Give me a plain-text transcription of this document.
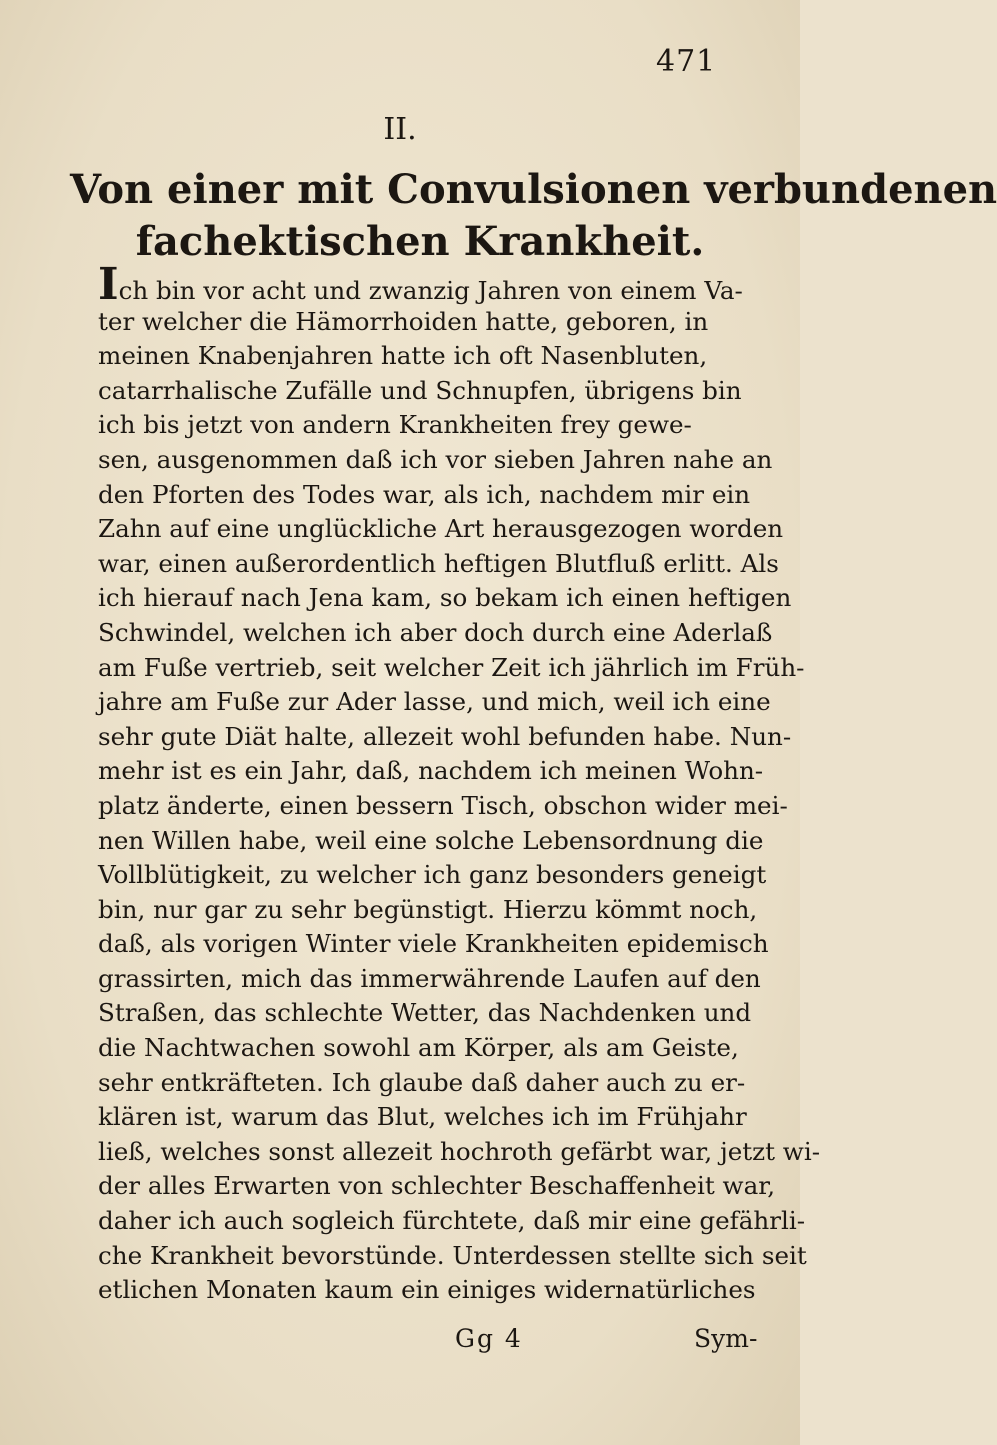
471
II.
Von einer mit Convulsionen verbundenen
fachektischen Krankheit.
Ich bin vor acht und zwanzig Jahren von einem Va-
ter welcher die Hämorrhoiden hatte, geboren, in
meinen Knabenjahren hatte ich oft Nasenbluten,
catarrhalische Zufälle und Schnupfen, übrigens bin
ich bis jetzt von andern Krankheiten frey gewe-
sen, ausgenommen daß ich vor sieben Jahren nahe an
den Pforten des Todes war, als ich, nachdem mir ein
Zahn auf eine unglückliche Art herausgezogen worden
war, einen außerordentlich heftigen Blutfluß erlitt. Als
ich hierauf nach Jena kam, so bekam ich einen heftigen
Schwindel, welchen ich aber doch durch eine Aderlaß
am Fuße vertrieb, seit welcher Zeit ich jährlich im Früh-
jahre am Fuße zur Ader lasse, und mich, weil ich eine
sehr gute Diät halte, allezeit wohl befunden habe. Nun-
mehr ist es ein Jahr, daß, nachdem ich meinen Wohn-
platz änderte, einen bessern Tisch, obschon wider mei-
nen Willen habe, weil eine solche Lebensordnung die
Vollblütigkeit, zu welcher ich ganz besonders geneigt
bin, nur gar zu sehr begünstigt. Hierzu kömmt noch,
daß, als vorigen Winter viele Krankheiten epidemisch
grassirten, mich das immerwährende Laufen auf den
Straßen, das schlechte Wetter, das Nachdenken und
die Nachtwachen sowohl am Körper, als am Geiste,
sehr entkräfteten. Ich glaube daß daher auch zu er-
klären ist, warum das Blut, welches ich im Frühjahr
ließ, welches sonst allezeit hochroth gefärbt war, jetzt wi-
der alles Erwarten von schlechter Beschaffenheit war,
daher ich auch sogleich fürchtete, daß mir eine gefährli-
che Krankheit bevorstünde. Unterdessen stellte sich seit
etlichen Monaten kaum ein einiges widernatürliches
Gg 4	Sym-
